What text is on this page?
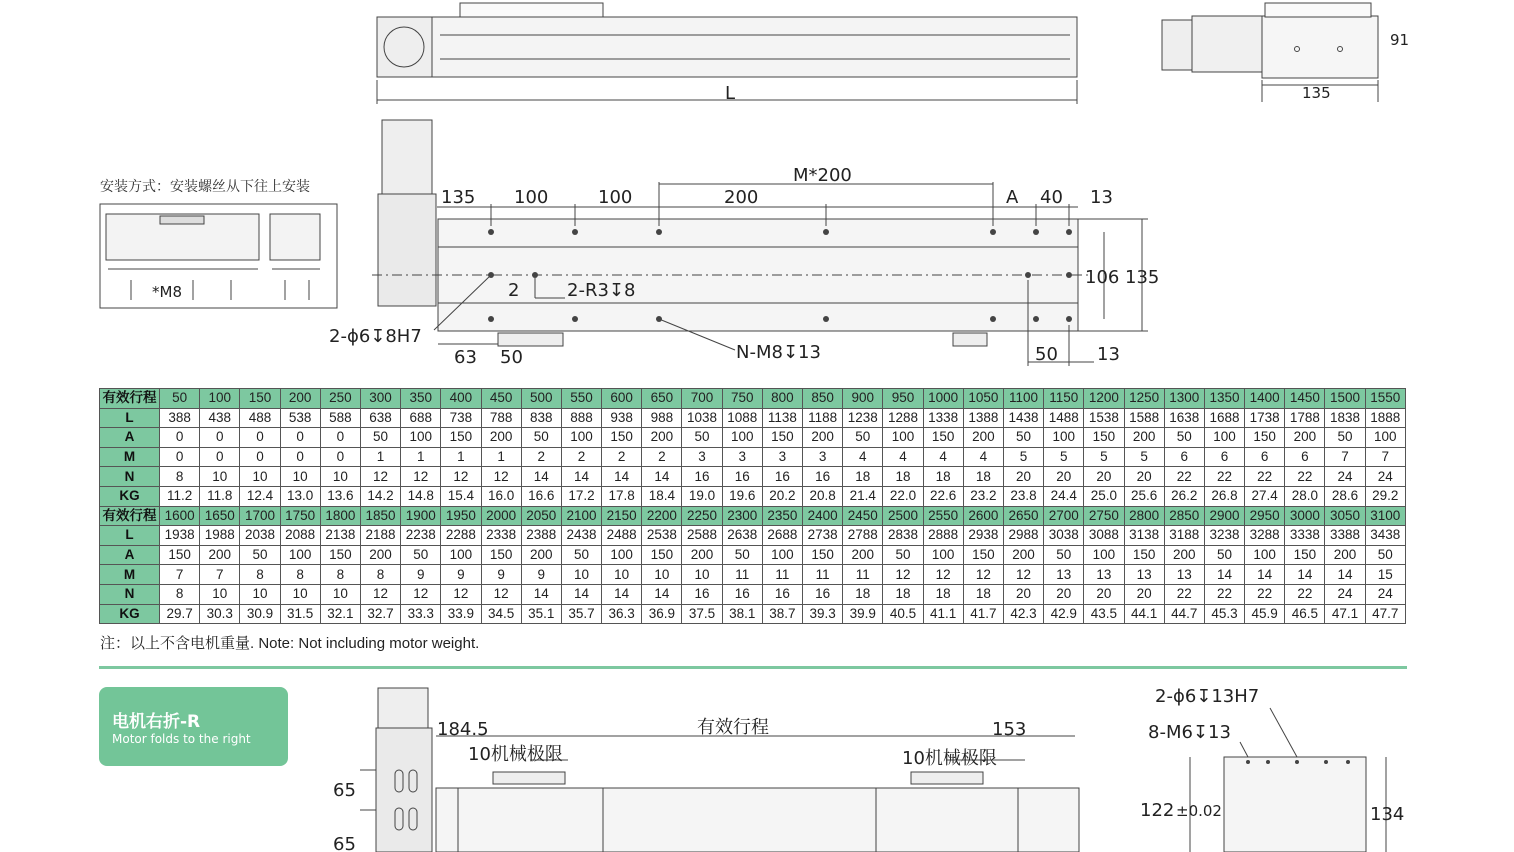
L	135
91
*M8
M*200
135 100	100	200	A 40 13
106 135
2	2-R3↧8
2-ϕ6↧8H7
N-M8↧13
63 50	50 13
184.5	有效行程	153
10机械极限	10机械极限
65
65
2-ϕ6↧13H7
8-M6↧13
122 ±0.02	134
安装方式：安装螺丝从下往上安装
有效行程	50	100	150	200	250	300	350	400	450	500	550	600	650	700	750	800	850	900	950	1000	1050	1100	1150	1200	1250	1300	1350	1400	1450	1500	1550
L	388	438	488	538	588	638	688	738	788	838	888	938	988	1038	1088	1138	1188	1238	1288	1338	1388	1438	1488	1538	1588	1638	1688	1738	1788	1838	1888
A	0	0	0	0	0	50	100	150	200	50	100	150	200	50	100	150	200	50	100	150	200	50	100	150	200	50	100	150	200	50	100
M	0	0	0	0	0	1	1	1	1	2	2	2	2	3	3	3	3	4	4	4	4	5	5	5	5	6	6	6	6	7	7
N	8	10	10	10	10	12	12	12	12	14	14	14	14	16	16	16	16	18	18	18	18	20	20	20	20	22	22	22	22	24	24
KG	11.2	11.8	12.4	13.0	13.6	14.2	14.8	15.4	16.0	16.6	17.2	17.8	18.4	19.0	19.6	20.2	20.8	21.4	22.0	22.6	23.2	23.8	24.4	25.0	25.6	26.2	26.8	27.4	28.0	28.6	29.2
有效行程	1600	1650	1700	1750	1800	1850	1900	1950	2000	2050	2100	2150	2200	2250	2300	2350	2400	2450	2500	2550	2600	2650	2700	2750	2800	2850	2900	2950	3000	3050	3100
L	1938	1988	2038	2088	2138	2188	2238	2288	2338	2388	2438	2488	2538	2588	2638	2688	2738	2788	2838	2888	2938	2988	3038	3088	3138	3188	3238	3288	3338	3388	3438
A	150	200	50	100	150	200	50	100	150	200	50	100	150	200	50	100	150	200	50	100	150	200	50	100	150	200	50	100	150	200	50
M	7	7	8	8	8	8	9	9	9	9	10	10	10	10	11	11	11	11	12	12	12	12	13	13	13	13	14	14	14	14	15
N	8	10	10	10	10	12	12	12	12	14	14	14	14	16	16	16	16	18	18	18	18	20	20	20	20	22	22	22	22	24	24
KG	29.7	30.3	30.9	31.5	32.1	32.7	33.3	33.9	34.5	35.1	35.7	36.3	36.9	37.5	38.1	38.7	39.3	39.9	40.5	41.1	41.7	42.3	42.9	43.5	44.1	44.7	45.3	45.9	46.5	47.1	47.7
注：以上不含电机重量. Note: Not including motor weight.
电机右折-R
Motor folds to the right
